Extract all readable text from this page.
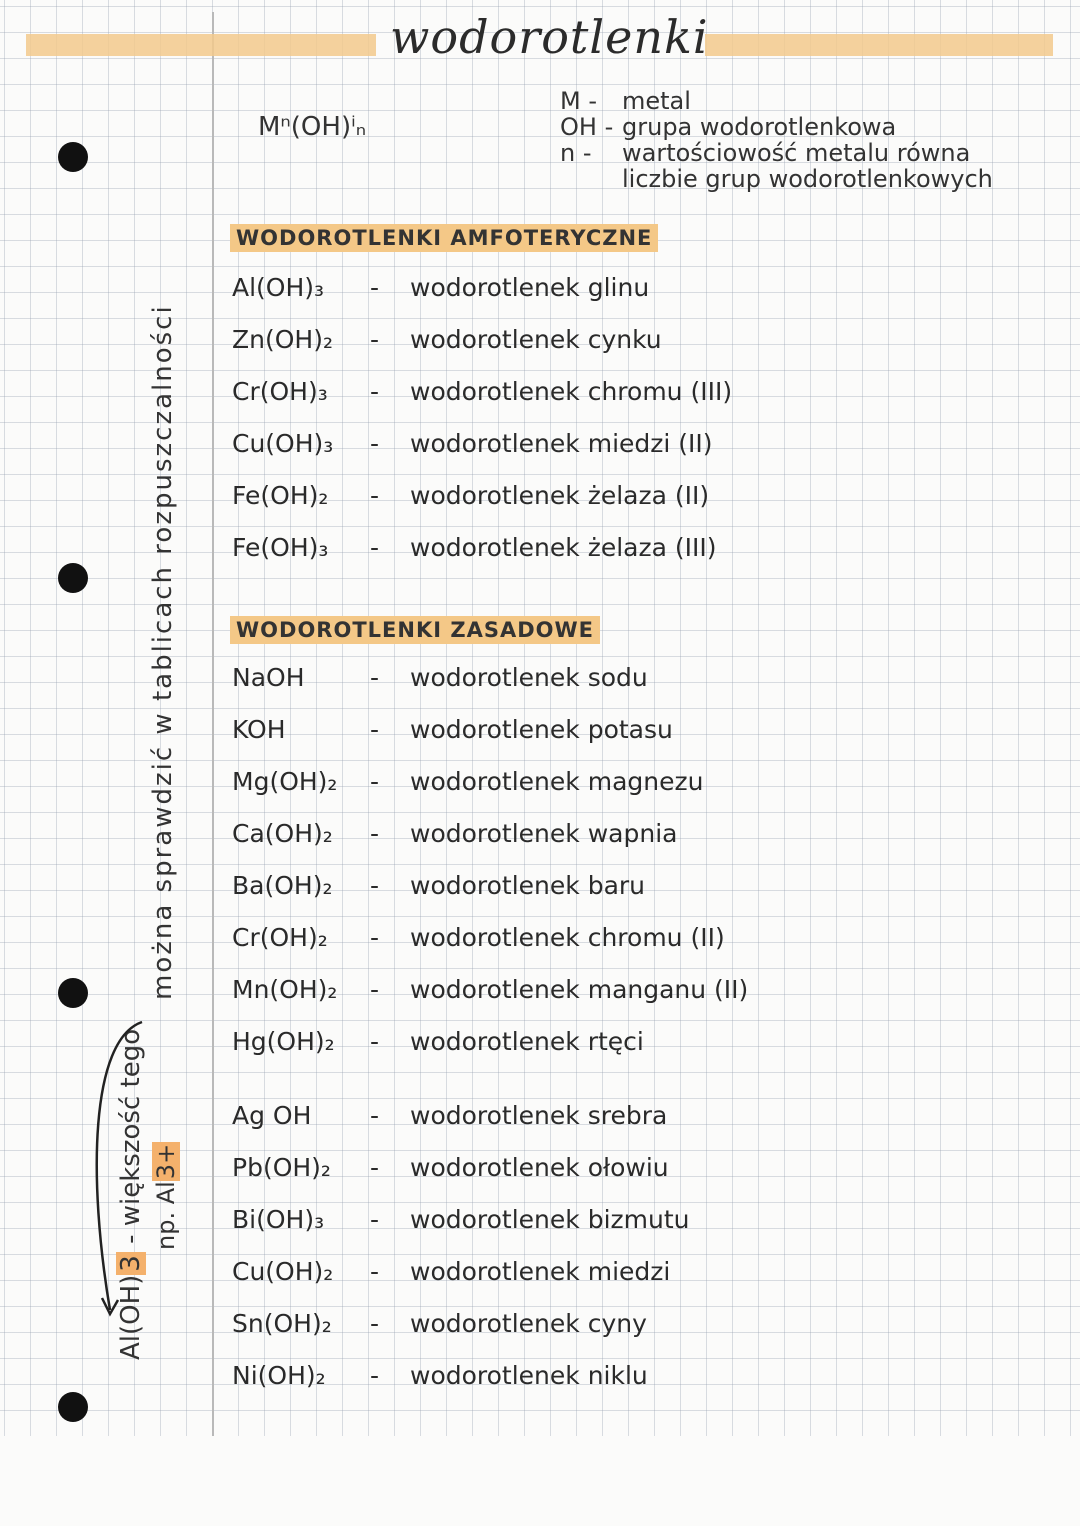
wodorotlenki
Mⁿ(OH)ⁱₙ
M -	metal
OH - grupa wodorotlenkowa
n -	wartościowość metalu równa
liczbie grup wodorotlenkowych
WODOROTLENKI AMFOTERYCZNE
Al(OH)₃ - wodorotlenek glinu
Zn(OH)₂ - wodorotlenek cynku
Cr(OH)₃ - wodorotlenek chromu (III)
Cu(OH)₃ - wodorotlenek miedzi (II)
Fe(OH)₂ - wodorotlenek żelaza (II)
Fe(OH)₃ - wodorotlenek żelaza (III)
WODOROTLENKI ZASADOWE
NaOH	- wodorotlenek sodu
KOH	- wodorotlenek potasu
Mg(OH)₂ - wodorotlenek magnezu
Ca(OH)₂ - wodorotlenek wapnia
Ba(OH)₂ - wodorotlenek baru
Cr(OH)₂ - wodorotlenek chromu (II)
Mn(OH)₂ - wodorotlenek manganu (II)
Hg(OH)₂ - wodorotlenek rtęci
Ag OH - wodorotlenek srebra
Pb(OH)₂ - wodorotlenek ołowiu
Bi(OH)₃ - wodorotlenek bizmutu
Cu(OH)₂ - wodorotlenek miedzi
Sn(OH)₂ - wodorotlenek cyny
Ni(OH)₂ - wodorotlenek niklu
można sprawdzić w tablicach rozpuszczalności
Al(OH)3 - większość tego np. Al3+
